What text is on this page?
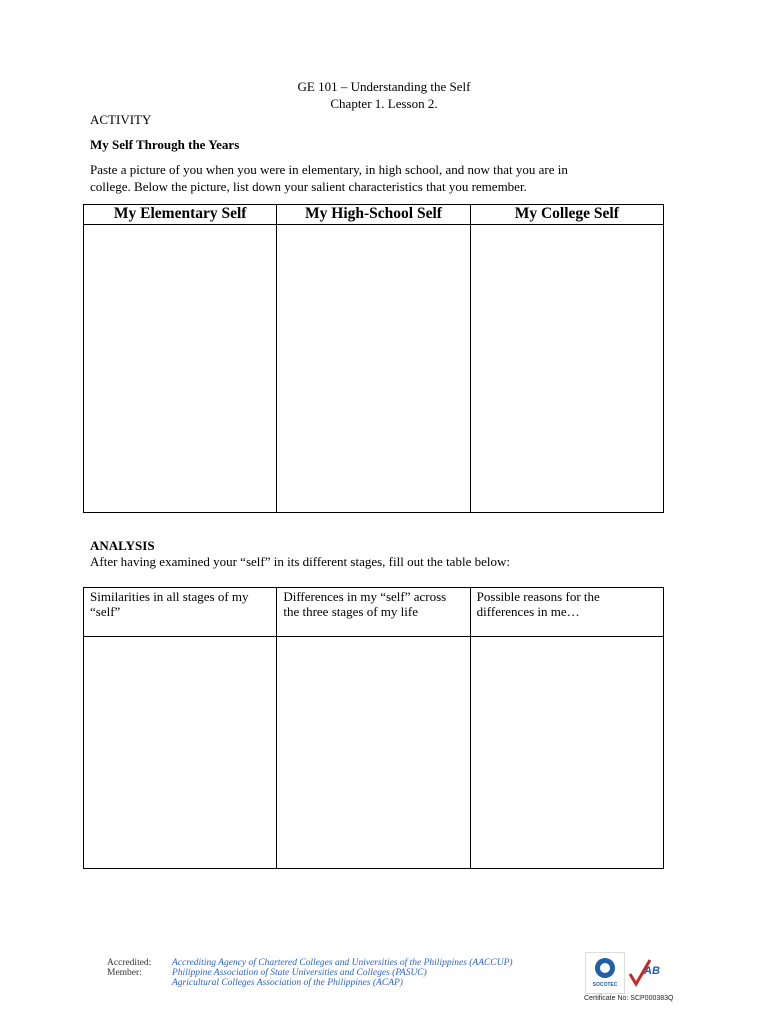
GE 101 – Understanding the Self
Chapter 1. Lesson 2.
ACTIVITY
My Self Through the Years
Paste a picture of you when you were in elementary, in high school, and now that you are in
college. Below the picture, list down your salient characteristics that you remember.
My Elementary Self	My High-School Self	My College Self

ANALYSIS
After having examined your “self” in its different stages, fill out the table below:
Similarities in all stages of my “self”	Differences in my “self” across the three stages of my life	Possible reasons for the differences in me…

Accredited:
Member:
Accrediting Agency of Chartered Colleges and Universities of the Philippines (AACCUP)
Philippine Association of State Universities and Colleges (PASUC)
Agricultural Colleges Association of the Philippines (ACAP)	SOCOTEC
AB
Certificate No: SCP000383Q
